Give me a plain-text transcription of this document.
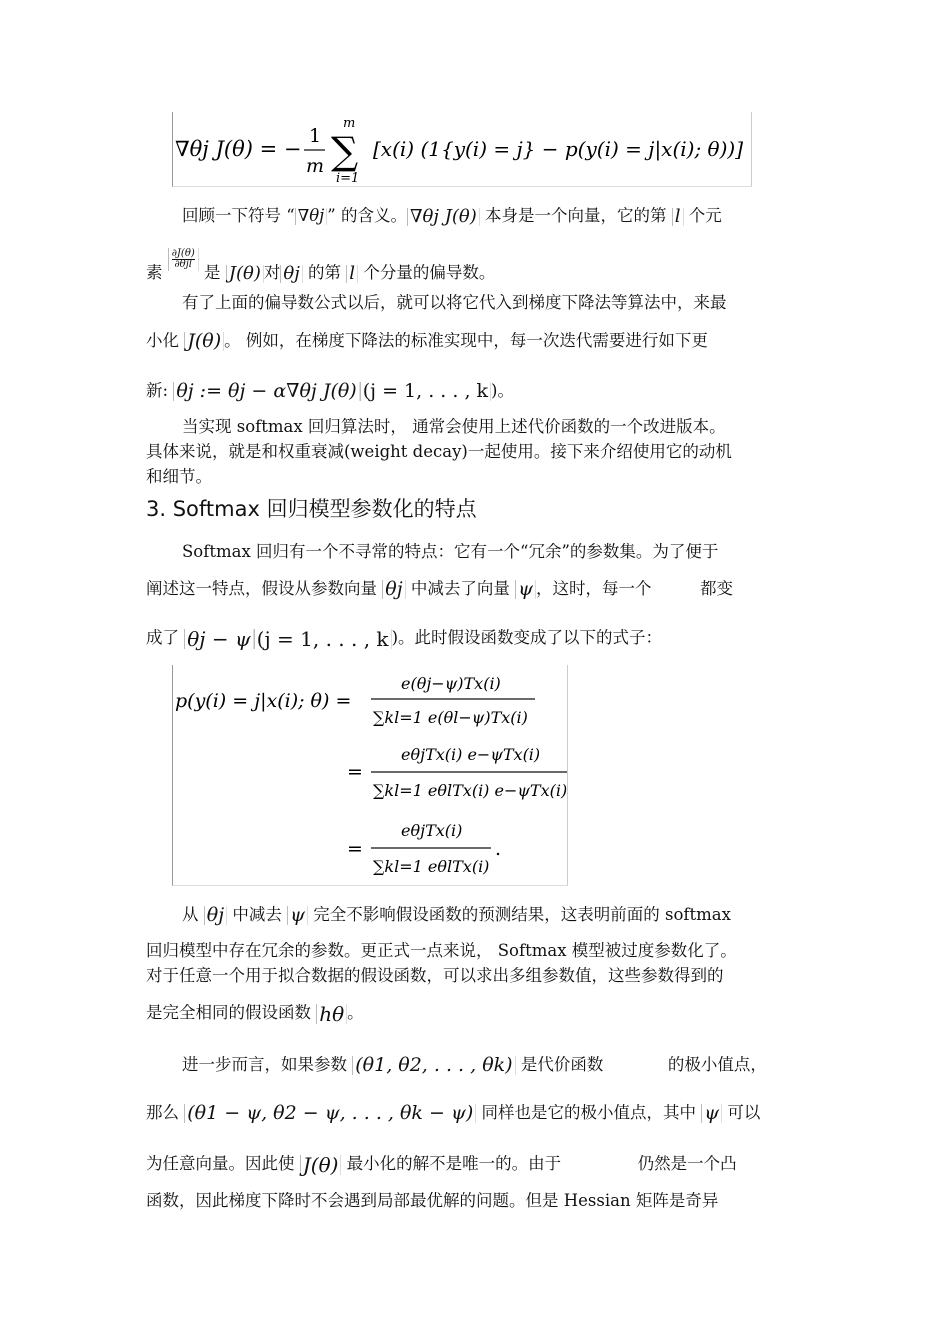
∇θj J(θ) = −
1
m
m
∑
i=1
[x(i) (1{y(i) = j} − p(y(i) = j|x(i); θ))]
回顾一下符号 “ ∇θj ” 的含义。 ∇θj J(θ) 本身是一个向量，它的第 l 个元
素
∂J(θ)
∂θjl 是 J(θ) 对 θj 的第 l 个分量的偏导数。
有了上面的偏导数公式以后，就可以将它代入到梯度下降法等算法中，来最
小化 J(θ) 。 例如，在梯度下降法的标准实现中，每一次迭代需要进行如下更
新: θj := θj − α∇θj J(θ) (j = 1, . . . , k )。
当实现 softmax 回归算法时， 通常会使用上述代价函数的一个改进版本。
具体来说，就是和权重衰减(weight decay)一起使用。接下来介绍使用它的动机
和细节。
3. Softmax 回归模型参数化的特点
Softmax 回归有一个不寻常的特点：它有一个“冗余”的参数集。为了便于
阐述这一特点，假设从参数向量 θj 中减去了向量 ψ ，这时，每一个	都变
成了 θj − ψ (j = 1, . . . , k )。此时假设函数变成了以下的式子：
p(y(i) = j|x(i); θ) =
e(θj−ψ)Tx(i)
∑kl=1 e(θl−ψ)Tx(i)
=
eθjTx(i) e−ψTx(i)
∑kl=1 eθlTx(i) e−ψTx(i)
=
eθjTx(i)
∑kl=1 eθlTx(i)
.
从 θj 中减去 ψ 完全不影响假设函数的预测结果，这表明前面的 softmax
回归模型中存在冗余的参数。更正式一点来说， Softmax 模型被过度参数化了。
对于任意一个用于拟合数据的假设函数，可以求出多组参数值，这些参数得到的
是完全相同的假设函数 hθ 。
进一步而言，如果参数 (θ1, θ2, . . . , θk) 是代价函数	的极小值点，
那么 (θ1 − ψ, θ2 − ψ, . . . , θk − ψ) 同样也是它的极小值点，其中 ψ 可以
为任意向量。因此使 J(θ) 最小化的解不是唯一的。由于	仍然是一个凸
函数，因此梯度下降时不会遇到局部最优解的问题。但是 Hessian 矩阵是奇异
